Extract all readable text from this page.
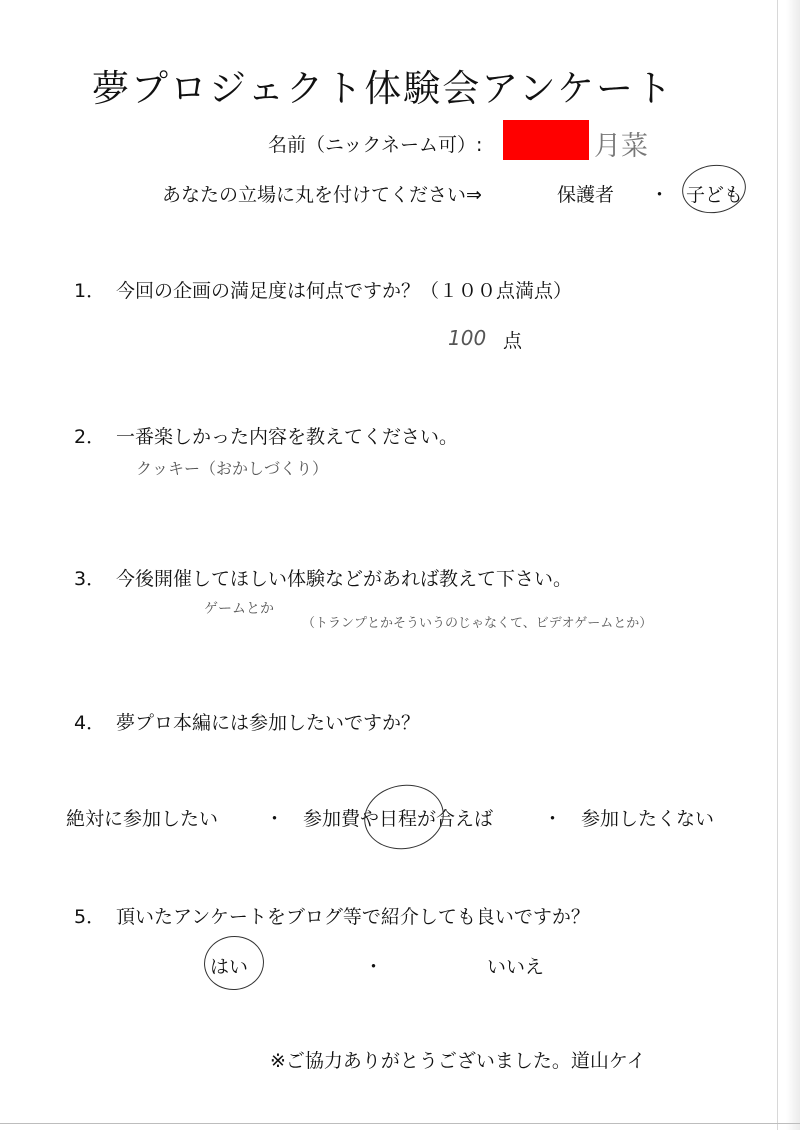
夢プロジェクト体験会アンケート
名前（ニックネーム可）:	月菜
あなたの立場に丸を付けてください⇒	保護者 ・ 子ども
1． 今回の企画の満足度は何点ですか？（１００点満点）
100 点
2． 一番楽しかった内容を教えてください。
クッキー（おかしづくり）
3． 今後開催してほしい体験などがあれば教えて下さい。
ゲームとか
（トランプとかそういうのじゃなくて、ビデオゲームとか）
4． 夢プロ本編には参加したいですか？
絶対に参加したい ・ 参加費や日程が合えば	・ 参加したくない
5． 頂いたアンケートをブログ等で紹介しても良いですか？
はい	・	いいえ
※ご協力ありがとうございました。道山ケイ
